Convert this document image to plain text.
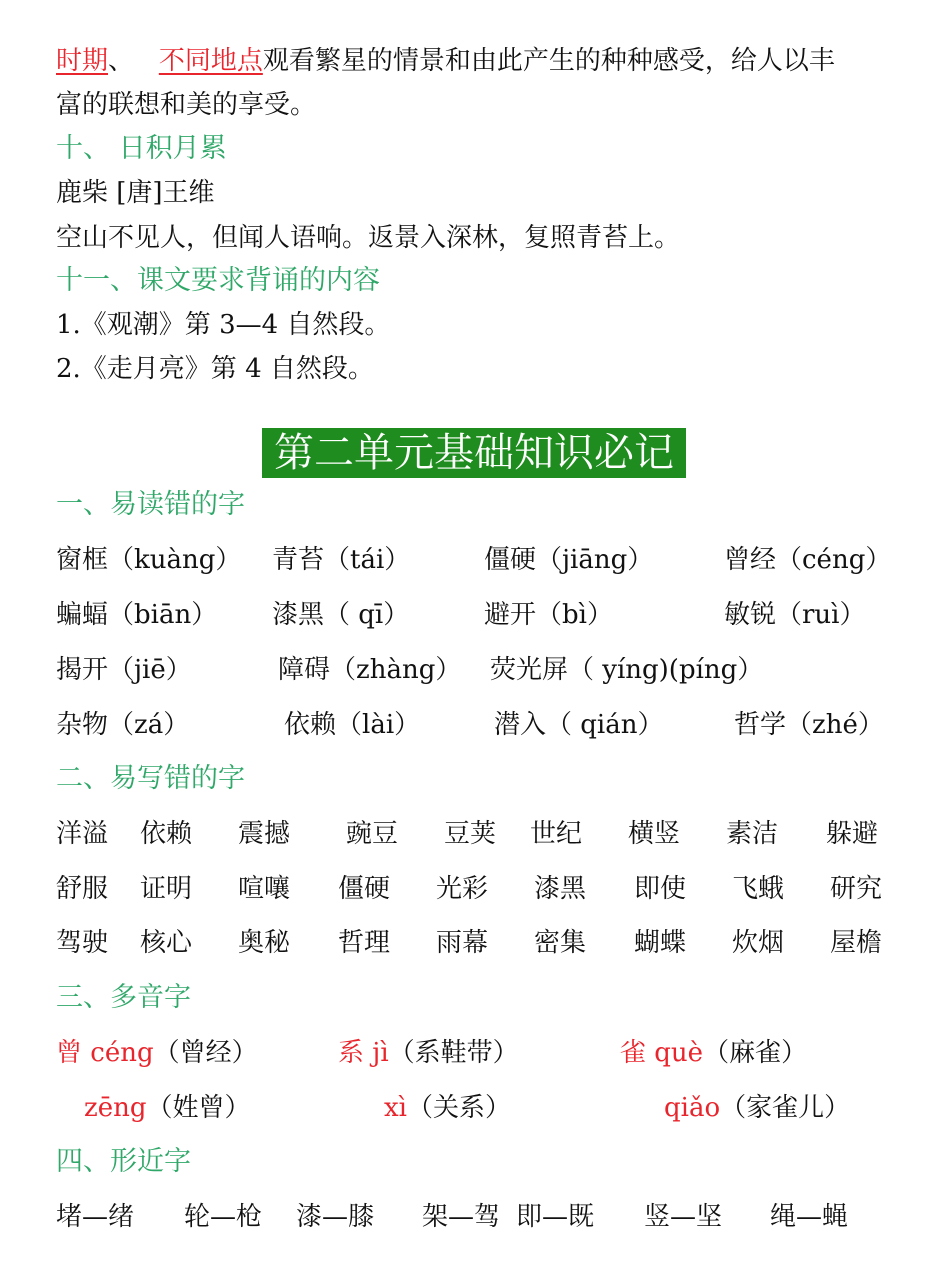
时期、 不同地点观看繁星的情景和由此产生的种种感受，给人以丰
富的联想和美的享受。
十、 日积月累
鹿柴 [唐]王维
空山不见人，但闻人语响。返景入深林，复照青苔上。
十一、课文要求背诵的内容
1.《观潮》第 3—4 自然段。
2.《走月亮》第 4 自然段。
第二单元基础知识必记
一、易读错的字
窗框（kuàng） 青苔（tái）	僵硬（jiāng）	曾经（céng）
蝙蝠（biān） 漆黑（ qī）	避开（bì）	敏锐（ruì）
揭开（jiē）	障碍（zhàng） 荧光屏（ yíng)(píng）
杂物（zá）	依赖（lài）	潜入（ qián）	哲学（zhé）
二、易写错的字
洋溢 依赖 震撼 豌豆 豆荚 世纪 横竖 素洁 躲避
舒服 证明 喧嚷 僵硬 光彩 漆黑 即使 飞蛾 研究
驾驶 核心 奥秘 哲理 雨幕 密集 蝴蝶 炊烟 屋檐
三、多音字
曾 céng（曾经）	系 jì（系鞋带）	雀 què（麻雀）
zēng（姓曾）	xì（关系）	qiǎo（家雀儿）
四、形近字
堵—绪 轮—枪 漆—膝 架—驾 即—既 竖—坚 绳—蝇
